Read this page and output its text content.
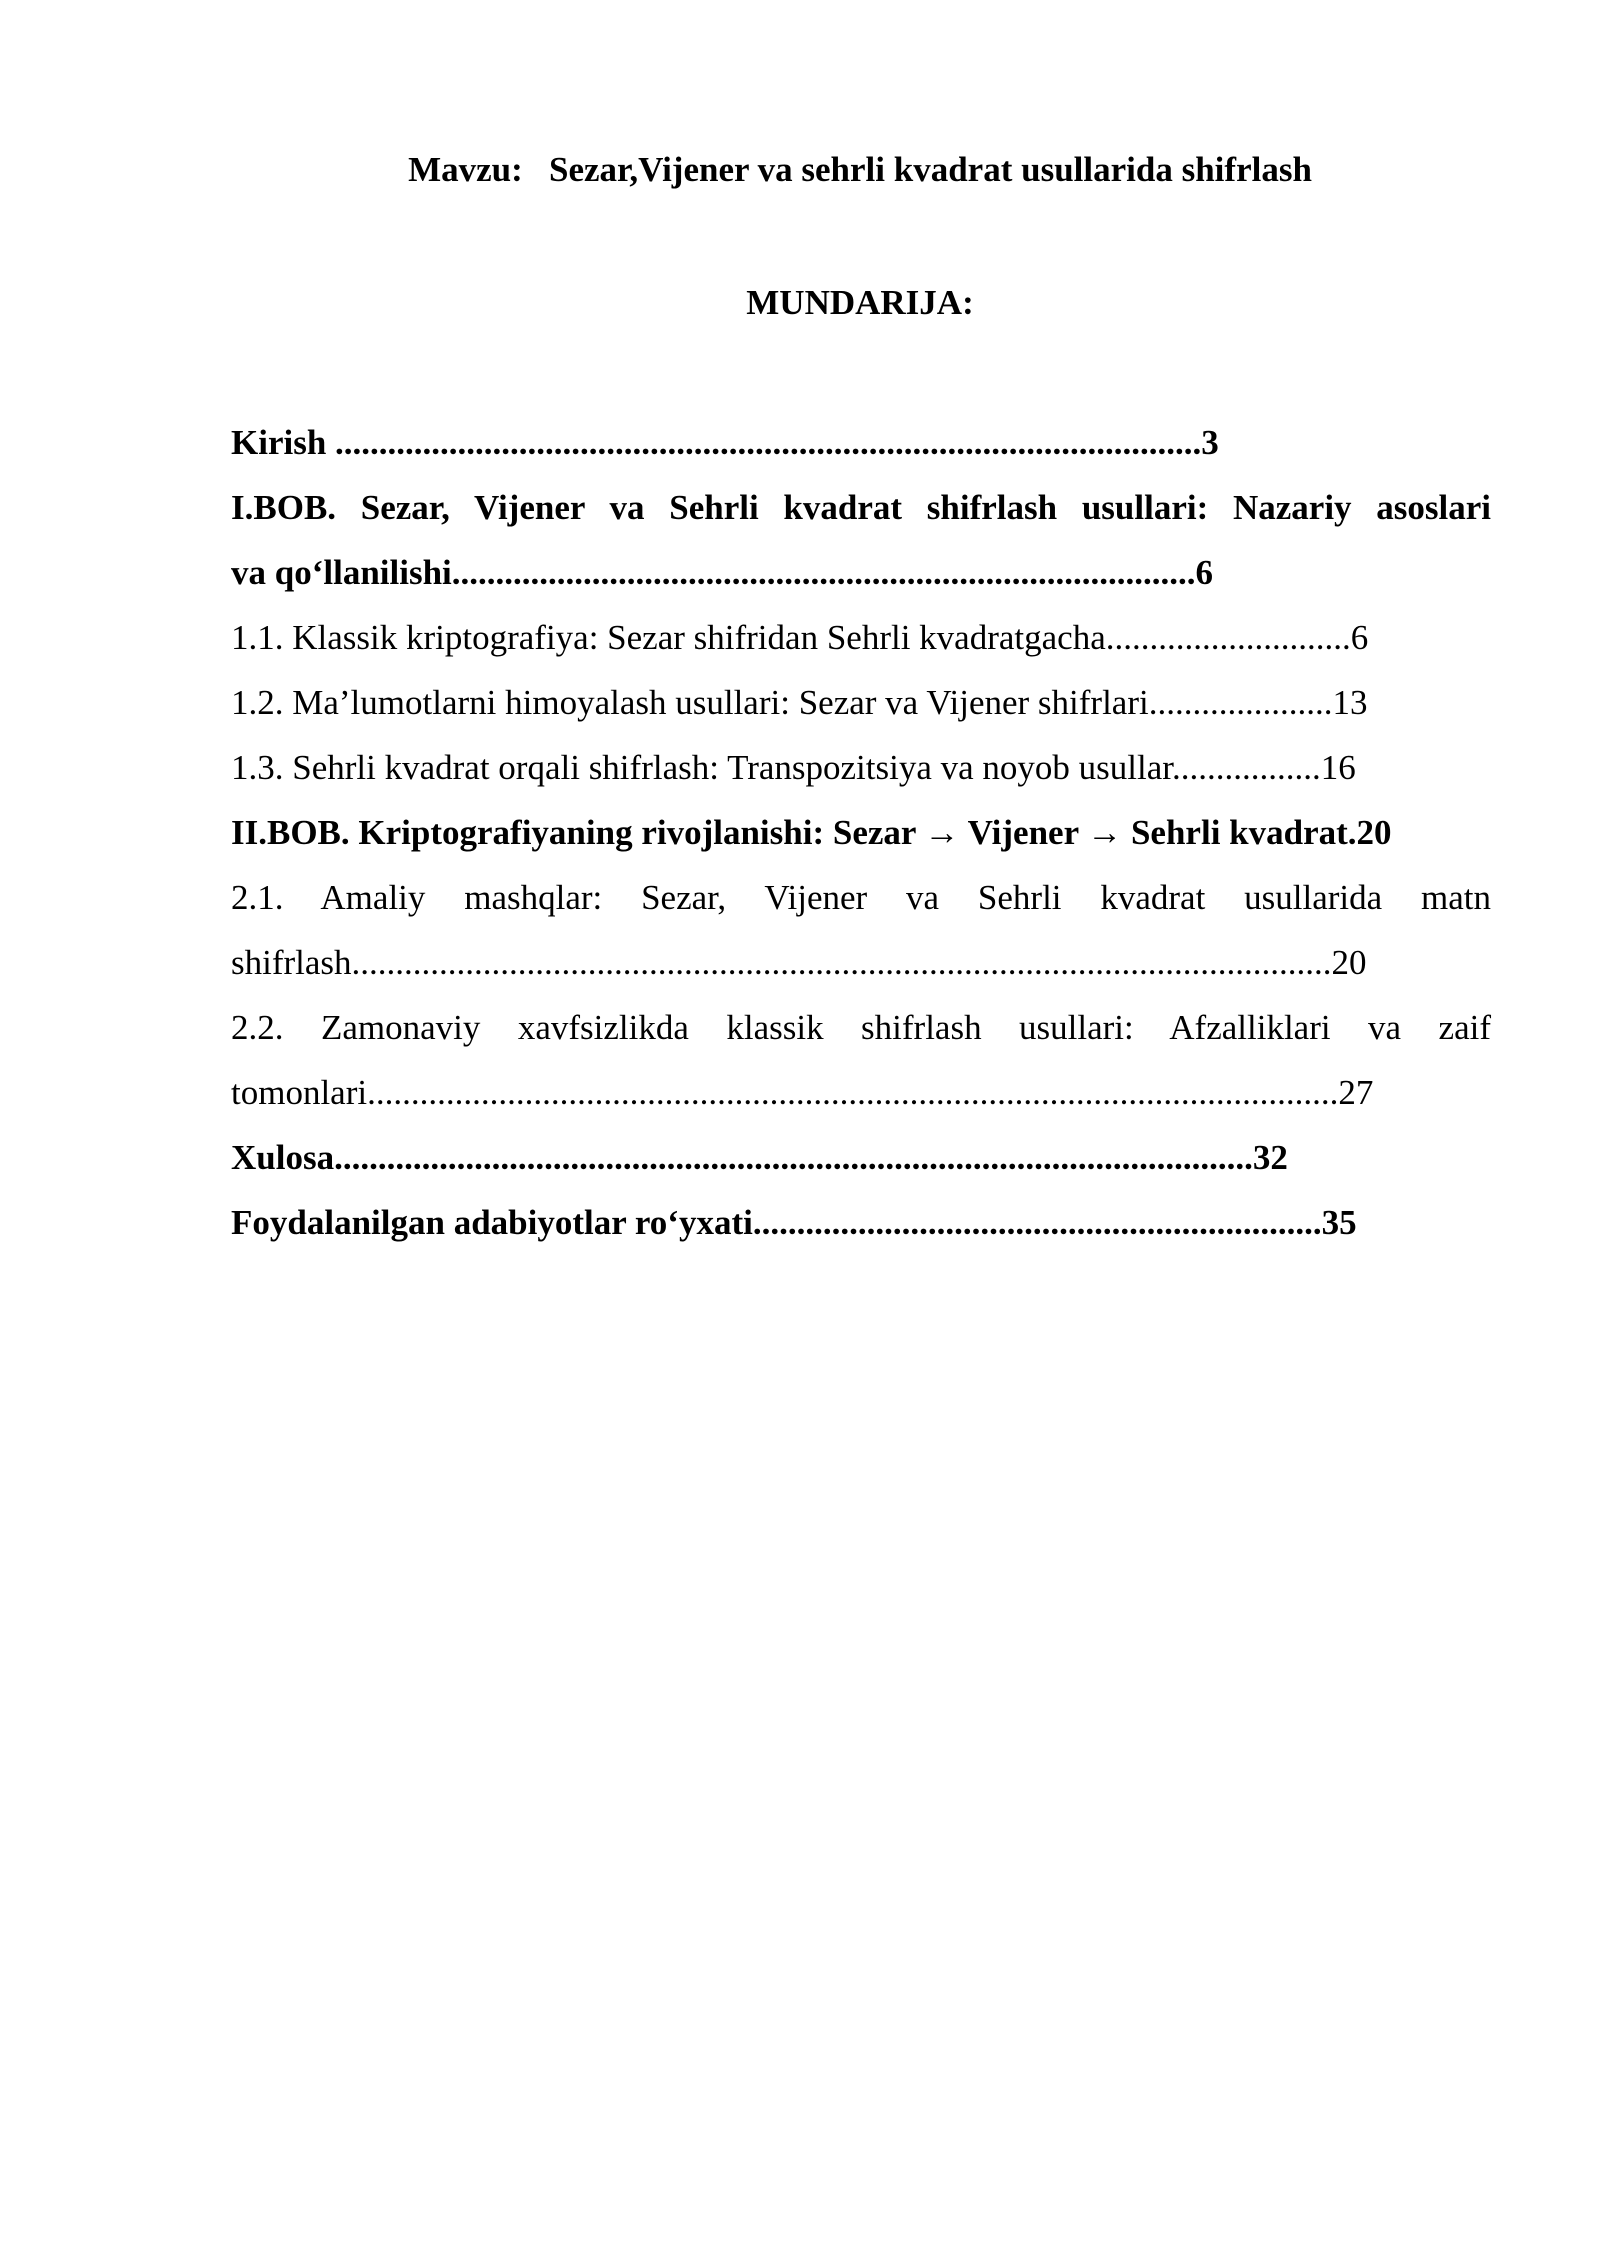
Mavzu:   Sezar,Vijener va sehrli kvadrat usullarida shifrlash
MUNDARIJA:
Kirish ...................................................................................................3
I.BOB. Sezar, Vijener va Sehrli kvadrat shifrlash usullari: Nazariy asoslari
va qo‘llanilishi.....................................................................................6
1.1. Klassik kriptografiya: Sezar shifridan Sehrli kvadratgacha............................6
1.2. Ma’lumotlarni himoyalash usullari: Sezar va Vijener shifrlari.....................13
1.3. Sehrli kvadrat orqali shifrlash: Transpozitsiya va noyob usullar.................16
II.BOB. Kriptografiyaning rivojlanishi: Sezar → Vijener → Sehrli kvadrat.20
2.1. Amaliy mashqlar: Sezar, Vijener va Sehrli kvadrat usullarida matn
shifrlash................................................................................................................20
2.2. Zamonaviy xavfsizlikda klassik shifrlash usullari: Afzalliklari va zaif
tomonlari...............................................................................................................27
Xulosa.........................................................................................................32
Foydalanilgan adabiyotlar ro‘yxati.................................................................35
